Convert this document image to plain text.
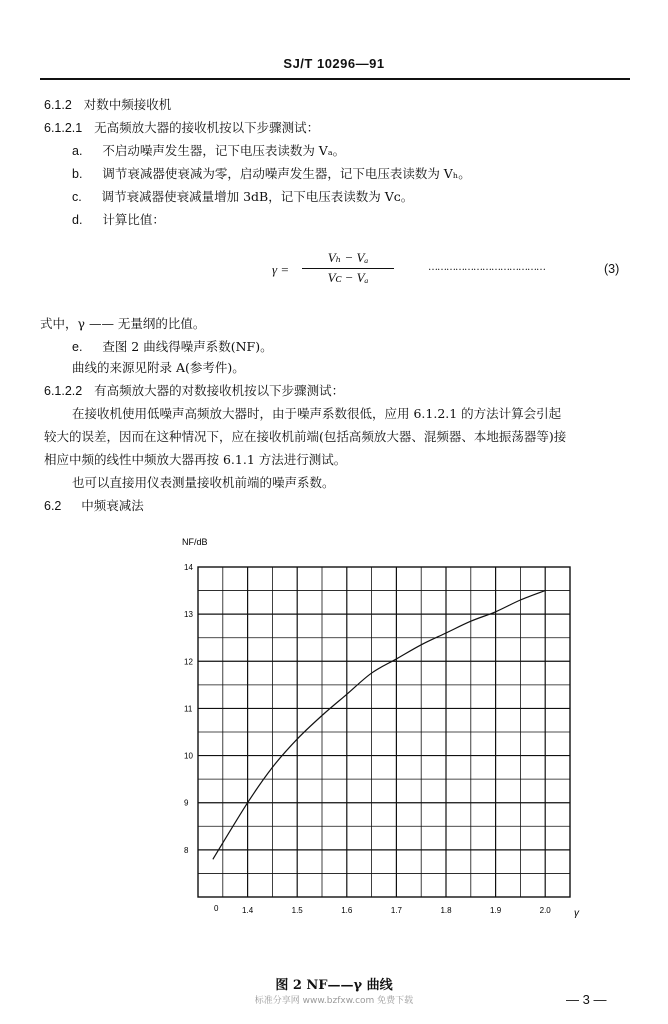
SJ/T 10296—91
6.1.2 对数中频接收机
6.1.2.1 无高频放大器的接收机按以下步骤测试：
a. 不启动噪声发生器，记下电压表读数为 Vₐ。
b. 调节衰减器使衰减为零，启动噪声发生器，记下电压表读数为 Vₕ。
c. 调节衰减器使衰减量增加 3dB，记下电压表读数为 Vᴄ。
d. 计算比值：
γ =
Vₕ − Vₐ
Vᴄ − Vₐ
…………………………………	(3)
式中，γ —— 无量纲的比值。
e. 查图 2 曲线得噪声系数(NF)。
曲线的来源见附录 A(参考件)。
6.1.2.2 有高频放大器的对数接收机按以下步骤测试：
在接收机使用低噪声高频放大器时，由于噪声系数很低，应用 6.1.2.1 的方法计算会引起
较大的误差，因而在这种情况下，应在接收机前端(包括高频放大器、混频器、本地振荡器等)接
相应中频的线性中频放大器再按 6.1.1 方法进行测试。
也可以直接用仪表测量接收机前端的噪声系数。
6.2 中频衰减法
NF/dB
14
13
12
11
10
9
8
1.4	1.5	1.6	1.7	1.8	1.9	2.0
0	γ
图 2 NF——γ 曲线
标准分享网 www.bzfxw.com 免费下载	— 3 —
